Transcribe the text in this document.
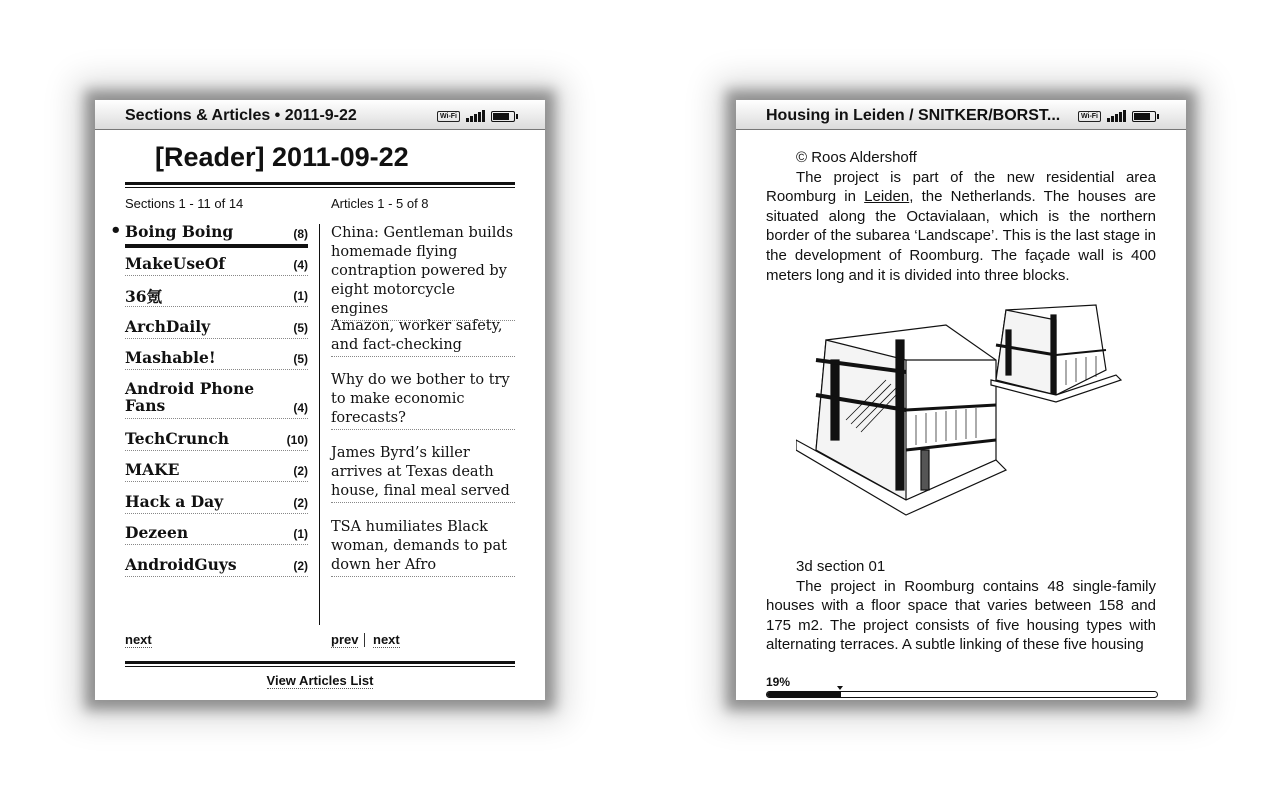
Sections & Articles • 2011-9-22	Wi-Fi
[Reader] 2011-09-22
Sections 1 - 11 of 14	Articles 1 - 5 of 8
• Boing Boing	(8)
MakeUseOf	(4)
36氪	(1)
ArchDaily	(5)
Mashable!	(5)
Android Phone Fans	(4)
TechCrunch	(10)
MAKE	(2)
Hack a Day	(2)
Dezeen	(1)
AndroidGuys	(2)
China: Gentleman builds homemade flying contraption powered by eight motorcycle engines
Amazon, worker safety, and fact-checking
Why do we bother to try to make economic forecasts?
James Byrd’s killer arrives at Texas death house, final meal served
TSA humiliates Black woman, demands to pat down her Afro
next	prev next
View Articles List
Housing in Leiden / SNITKER/BORST...	Wi-Fi

© Roos Aldershoff

The project is part of the new residential area Roomburg in Leiden, the Netherlands. The houses are situated along the Octavialaan, which is the northern border of the subarea ‘Landscape’. This is the last stage in the development of Roomburg. The façade wall is 400 meters long and it is divided into three blocks.

3d section 01

The project in Roomburg contains 48 single-family houses with a floor space that varies between 158 and 175 m2. The project consists of five housing types with alternating terraces. A subtle linking of these five housing

19%
